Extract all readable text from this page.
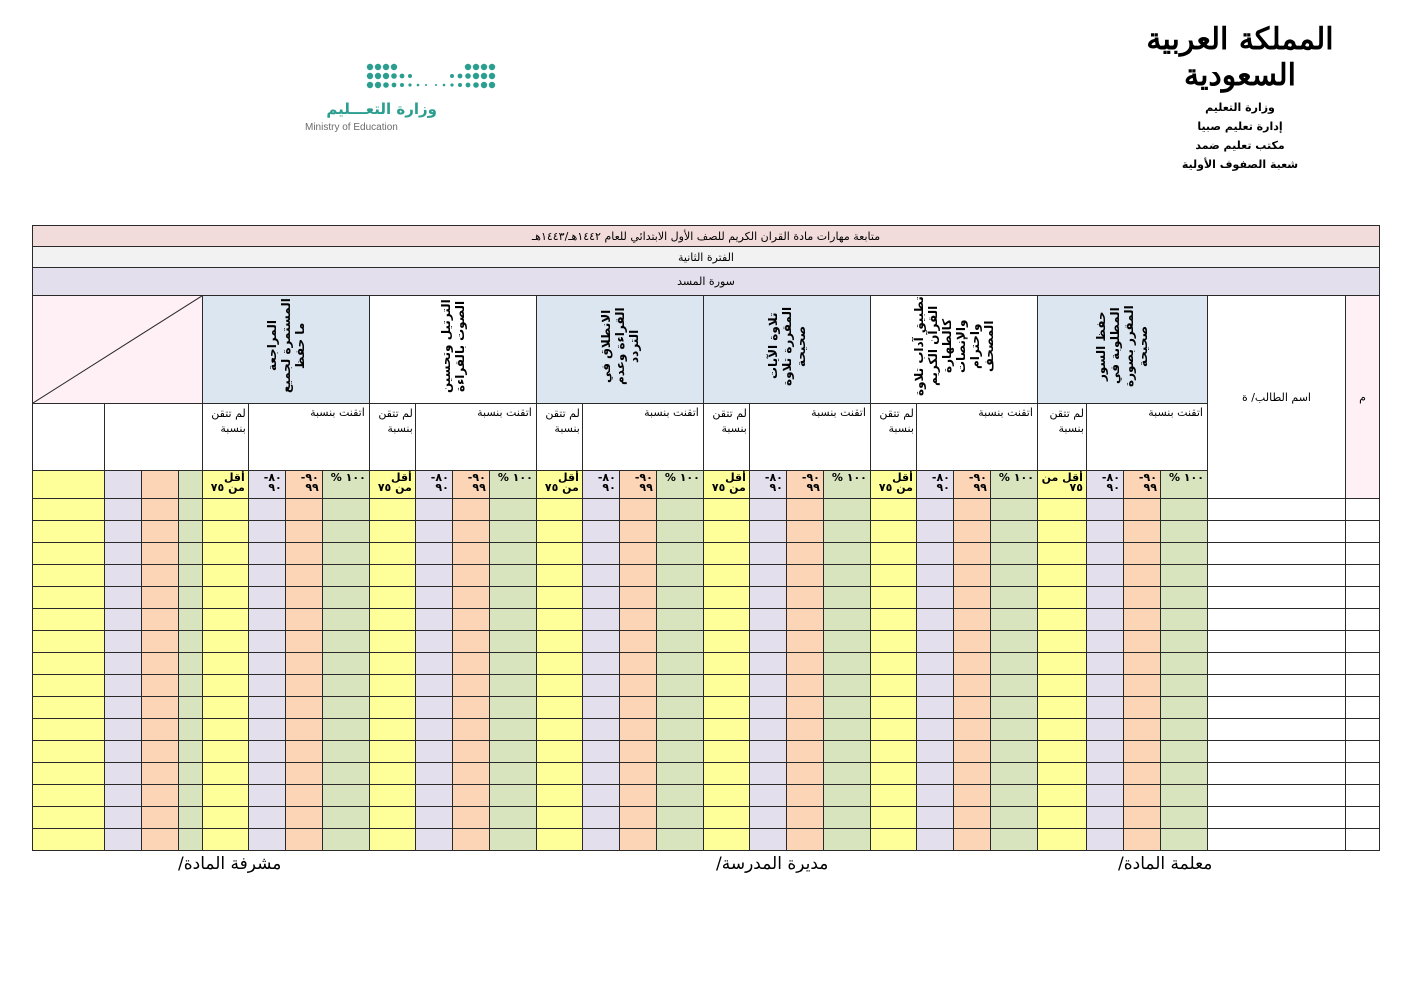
المملكة العربية السعودية
وزارة التعليم
إدارة تعليم صبيا
مكتب تعليم ضمد
شعبة الصفوف الأولية
وزارة التعـــليم
Ministry of Education
متابعة مهارات مادة القران الكريم للصف الأول الابتدائي للعام ١٤٤٢هـ/١٤٤٣هـ																													
الفترة الثانية																													
سورة المسد																													
م	اسم الطالب/ ة	حفظ السور المطلوبة في المقرر بصورة صحيحة				تطبيق آداب تلاوة القرآن الكريم كالطهارة والإنصات واحترام المصحف				تلاوة الآيات المقررة تلاوة صحيحة				الانطلاق في القراءة وعدم التردد				الترتيل وتحسين الصوت بالقراءة				المراجعة المستمرة لجميع ما حفظ

		اتقنت بنسبة			لم تتقن بنسبة	اتقنت بنسبة			لم تتقن بنسبة	اتقنت بنسبة			لم تتقن بنسبة	اتقنت بنسبة			لم تتقن بنسبة	اتقنت بنسبة			لم تتقن بنسبة	اتقنت بنسبة			لم تتقن بنسبة				
		١٠٠ %	٩٠- ٩٩	٨٠- ٩٠	أقل من ٧٥	١٠٠ %	٩٠- ٩٩	٨٠- ٩٠	أقل من ٧٥	١٠٠ %	٩٠- ٩٩	٨٠- ٩٠	أقل من ٧٥	١٠٠ %	٩٠- ٩٩	٨٠- ٩٠	أقل من ٧٥	١٠٠ %	٩٠- ٩٩	٨٠- ٩٠	أقل من ٧٥	١٠٠ %	٩٠- ٩٩	٨٠- ٩٠	أقل من ٧٥				

معلمة المادة/
مديرة المدرسة/
مشرفة المادة/
